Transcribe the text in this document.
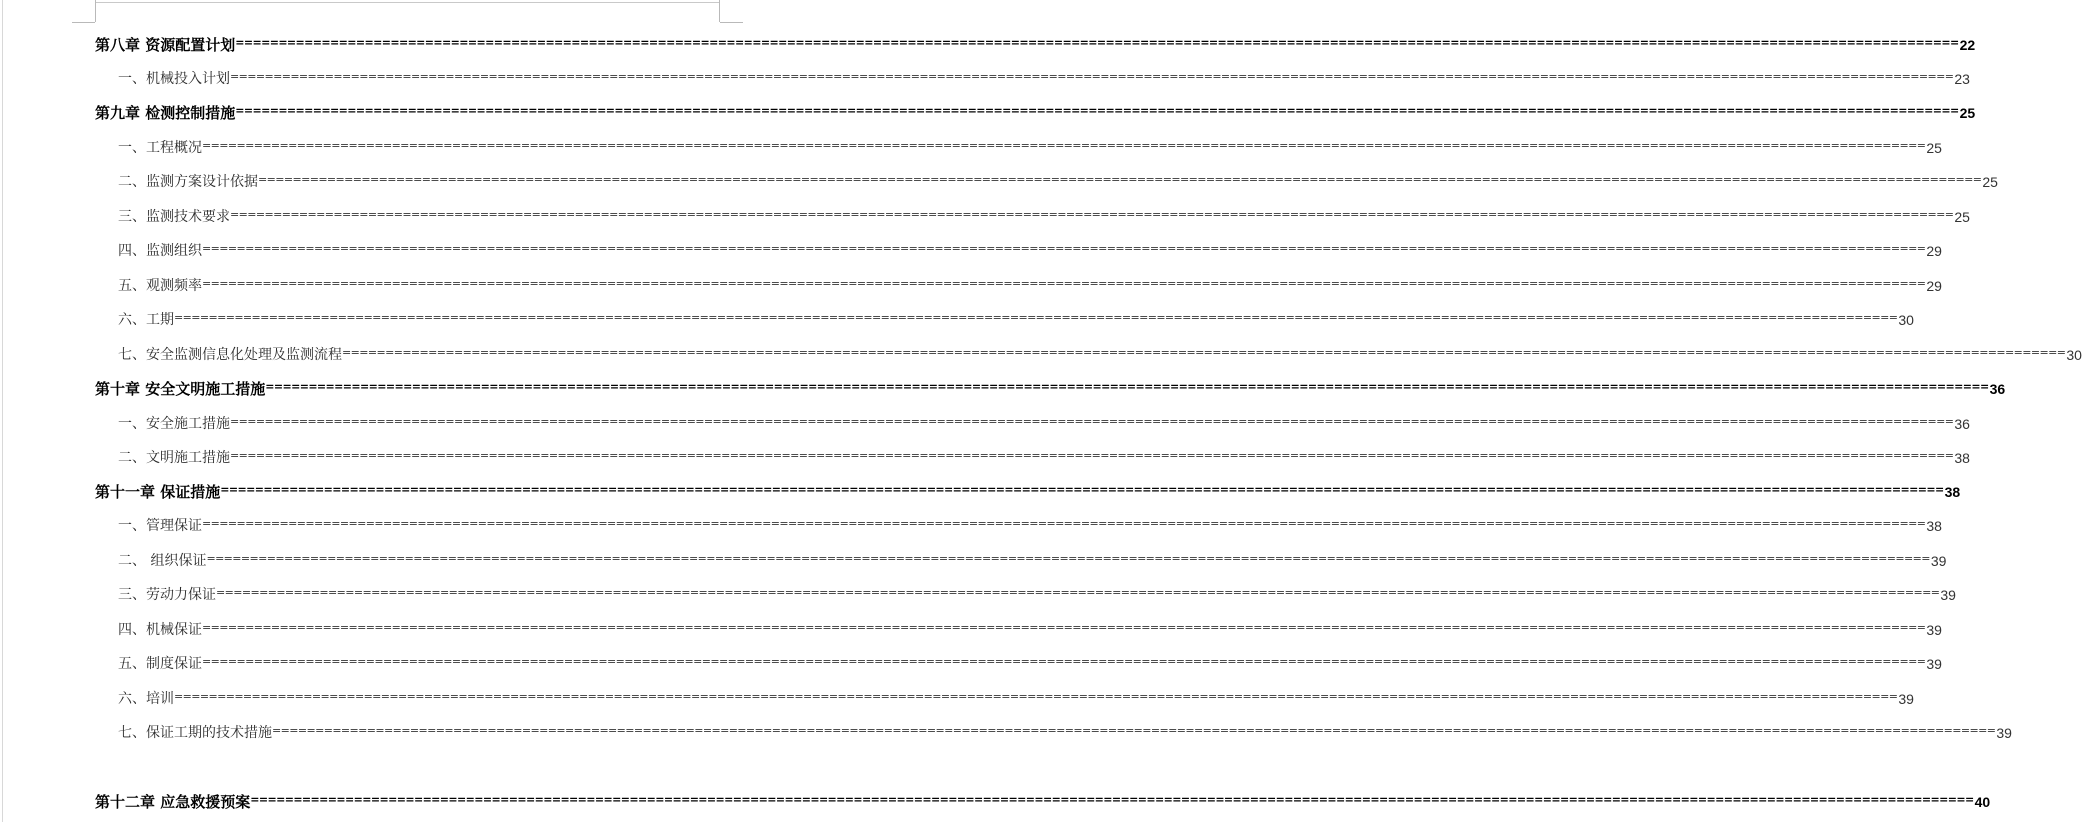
第八章 资源配置计划 ======================================================================================================================================================================================================== 22
一、机械投入计划 ======================================================================================================================================================================================================== 23
第九章 检测控制措施 ======================================================================================================================================================================================================== 25
一、工程概况 ======================================================================================================================================================================================================== 25
二、监测方案设计依据 ======================================================================================================================================================================================================== 25
三、监测技术要求 ======================================================================================================================================================================================================== 25
四、监测组织 ======================================================================================================================================================================================================== 29
五、观测频率 ======================================================================================================================================================================================================== 29
六、工期 ======================================================================================================================================================================================================== 30
七、安全监测信息化处理及监测流程 ======================================================================================================================================================================================================== 30
第十章 安全文明施工措施 ======================================================================================================================================================================================================== 36
一、安全施工措施 ======================================================================================================================================================================================================== 36
二、文明施工措施 ======================================================================================================================================================================================================== 38
第十一章 保证措施 ======================================================================================================================================================================================================== 38
一、管理保证 ======================================================================================================================================================================================================== 38
二、 组织保证 ======================================================================================================================================================================================================== 39
三、劳动力保证 ======================================================================================================================================================================================================== 39
四、机械保证 ======================================================================================================================================================================================================== 39
五、制度保证 ======================================================================================================================================================================================================== 39
六、培训 ======================================================================================================================================================================================================== 39
七、保证工期的技术措施 ======================================================================================================================================================================================================== 39
第十二章 应急救援预案 ======================================================================================================================================================================================================== 40
